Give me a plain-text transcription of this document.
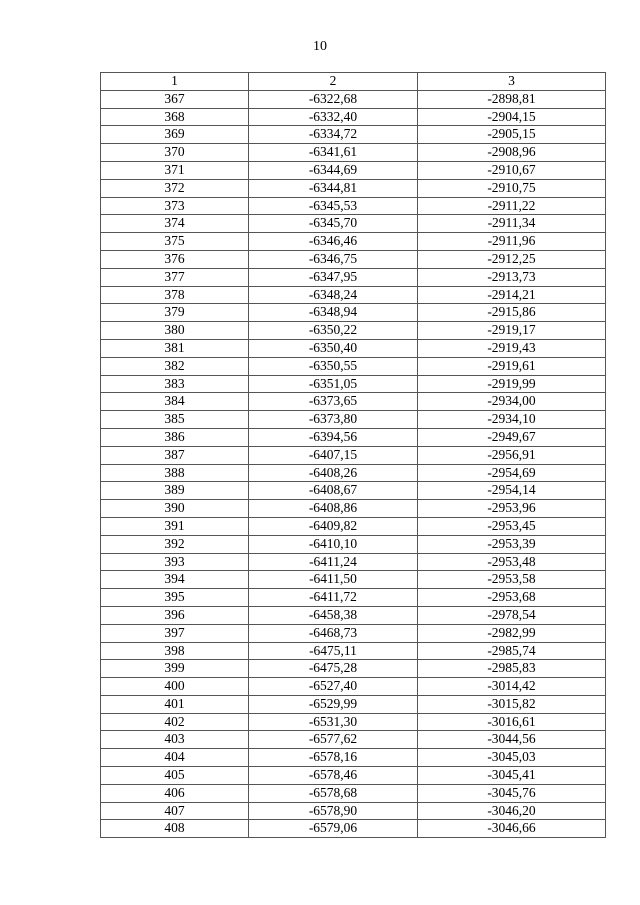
10
1	2	3
367	-6322,68	-2898,81
368	-6332,40	-2904,15
369	-6334,72	-2905,15
370	-6341,61	-2908,96
371	-6344,69	-2910,67
372	-6344,81	-2910,75
373	-6345,53	-2911,22
374	-6345,70	-2911,34
375	-6346,46	-2911,96
376	-6346,75	-2912,25
377	-6347,95	-2913,73
378	-6348,24	-2914,21
379	-6348,94	-2915,86
380	-6350,22	-2919,17
381	-6350,40	-2919,43
382	-6350,55	-2919,61
383	-6351,05	-2919,99
384	-6373,65	-2934,00
385	-6373,80	-2934,10
386	-6394,56	-2949,67
387	-6407,15	-2956,91
388	-6408,26	-2954,69
389	-6408,67	-2954,14
390	-6408,86	-2953,96
391	-6409,82	-2953,45
392	-6410,10	-2953,39
393	-6411,24	-2953,48
394	-6411,50	-2953,58
395	-6411,72	-2953,68
396	-6458,38	-2978,54
397	-6468,73	-2982,99
398	-6475,11	-2985,74
399	-6475,28	-2985,83
400	-6527,40	-3014,42
401	-6529,99	-3015,82
402	-6531,30	-3016,61
403	-6577,62	-3044,56
404	-6578,16	-3045,03
405	-6578,46	-3045,41
406	-6578,68	-3045,76
407	-6578,90	-3046,20
408	-6579,06	-3046,66
